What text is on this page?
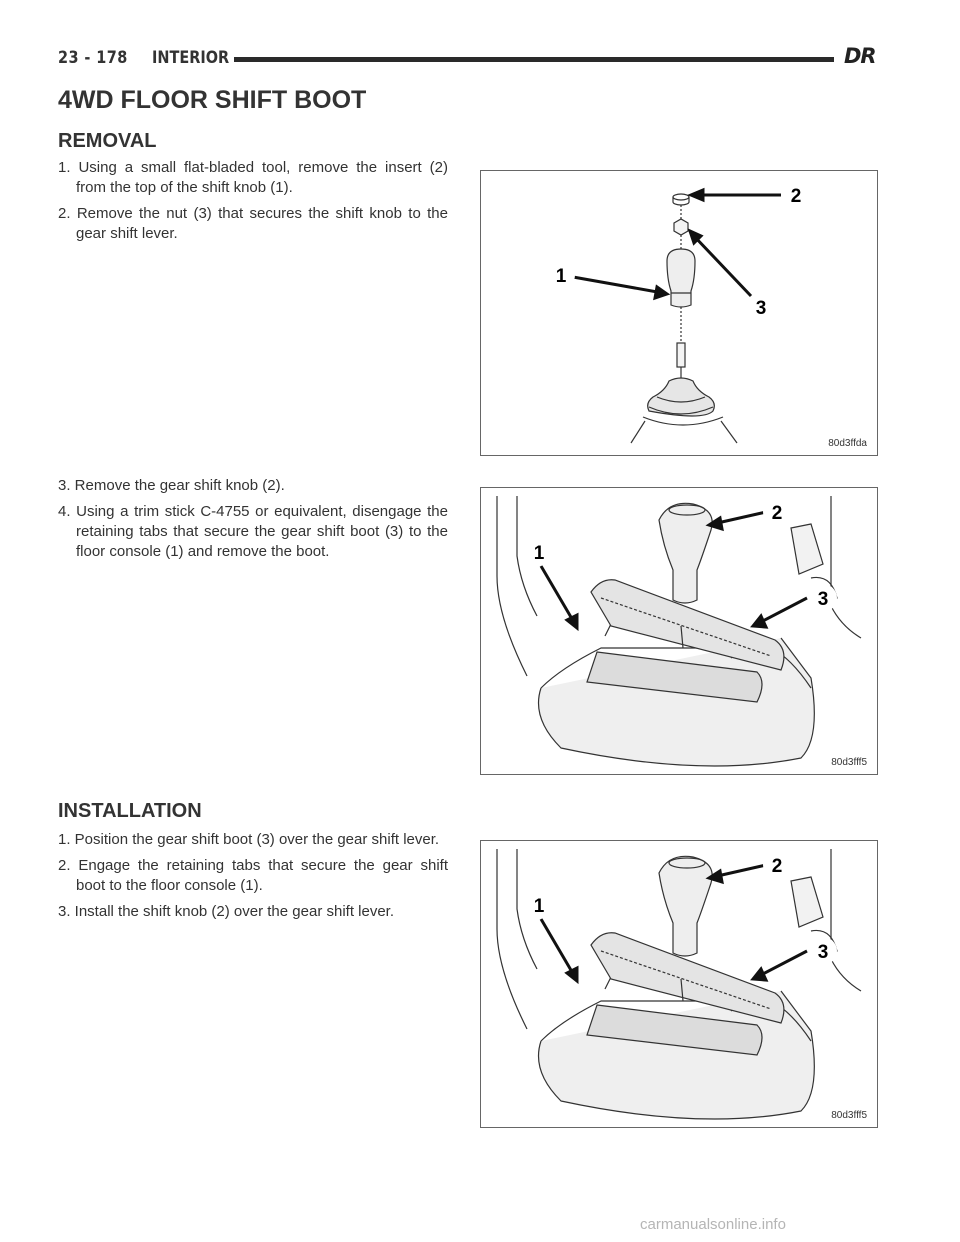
23 - 178 INTERIOR	DR
4WD FLOOR SHIFT BOOT
REMOVAL
1. Using a small flat-bladed tool, remove the insert (2) from the top of the shift knob (1).
2. Remove the nut (3) that secures the shift knob to the gear shift lever.
2
1
3
80d3ffda
3. Remove the gear shift knob (2).
4. Using a trim stick C-4755 or equivalent, disengage the retaining tabs that secure the gear shift boot (3) to the floor console (1) and remove the boot.
2
1
3
80d3fff5
INSTALLATION
1. Position the gear shift boot (3) over the gear shift lever.
2. Engage the retaining tabs that secure the gear shift boot to the floor console (1).
3. Install the shift knob (2) over the gear shift lever.
2
1
3
80d3fff5
carmanualsonline.info
